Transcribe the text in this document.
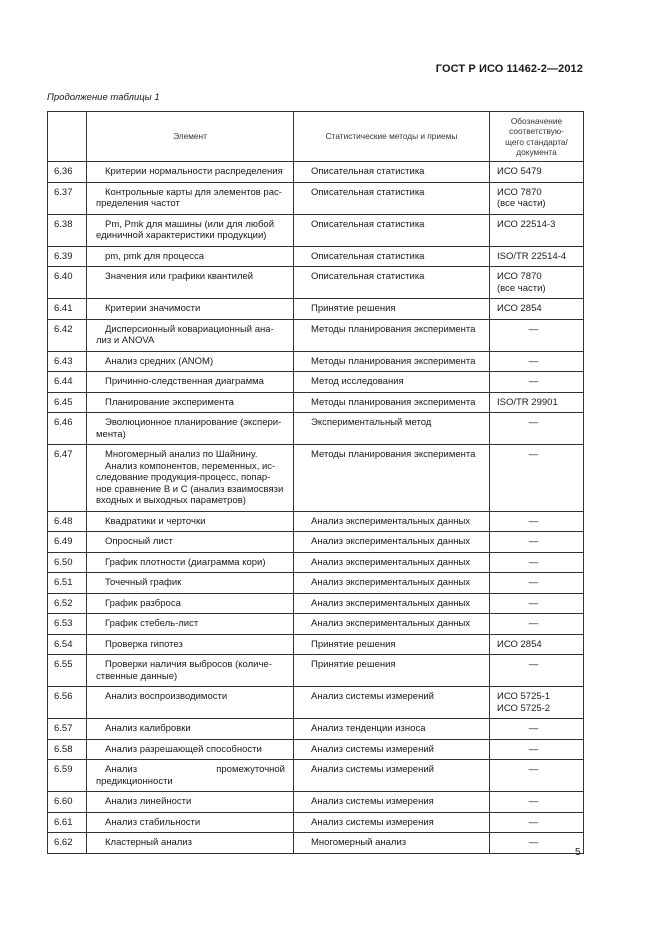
ГОСТ Р ИСО 11462-2—2012
Продолжение таблицы 1
	Элемент	Статистические методы и приемы	Обозначение
соответствую-
щего стандарта/
документа

6.36	Критерии нормальности распределения	Описательная статистика	ИСО 5479

6.37	Контрольные карты для элементов рас-
пределения частот	Описательная статистика	ИСО 7870
(все части)

6.38	Pm, Pmk для машины (или для любой
единичной характеристики продукции)	Описательная статистика	ИСО 22514-3

6.39	pm, pmk для процесса	Описательная статистика	ISO/TR 22514-4

6.40	Значения или графики квантилей	Описательная статистика	ИСО 7870
(все части)

6.41	Критерии значимости	Принятие решения	ИСО 2854

6.42	Дисперсионный ковариационный ана-
лиз и ANOVA	Методы планирования эксперимента	—

6.43	Анализ средних (ANOM)	Методы планирования эксперимента	—

6.44	Причинно-следственная диаграмма	Метод исследования	—

6.45	Планирование эксперимента	Методы планирования эксперимента	ISO/TR 29901

6.46	Эволюционное планирование (экспери-
мента)	Экспериментальный метод	—

6.47	Многомерный анализ по Шайнину.
Анализ компонентов, переменных, ис-
следование продукция-процесс, попар-
ное сравнение B и C (анализ взаимосвязи
входных и выходных параметров)	Методы планирования эксперимента	—

6.48	Квадратики и черточки	Анализ экспериментальных данных	—

6.49	Опросный лист	Анализ экспериментальных данных	—

6.50	График плотности (диаграмма кори)	Анализ экспериментальных данных	—

6.51	Точечный график	Анализ экспериментальных данных	—

6.52	График разброса	Анализ экспериментальных данных	—

6.53	График стебель-лист	Анализ экспериментальных данных	—

6.54	Проверка гипотез	Принятие решения	ИСО 2854

6.55	Проверки наличия выбросов (количе-
ственные данные)	Принятие решения	—

6.56	Анализ воспроизводимости	Анализ системы измерений	ИСО 5725-1
ИСО 5725-2

6.57	Анализ калибровки	Анализ тенденции износа	—

6.58	Анализ разрешающей способности	Анализ системы измерений	—

6.59	Анализ промежуточной предикционности	Анализ системы измерений	—

6.60	Анализ линейности	Анализ системы измерения	—

6.61	Анализ стабильности	Анализ системы измерения	—

6.62	Кластерный анализ	Многомерный анализ	—
5
